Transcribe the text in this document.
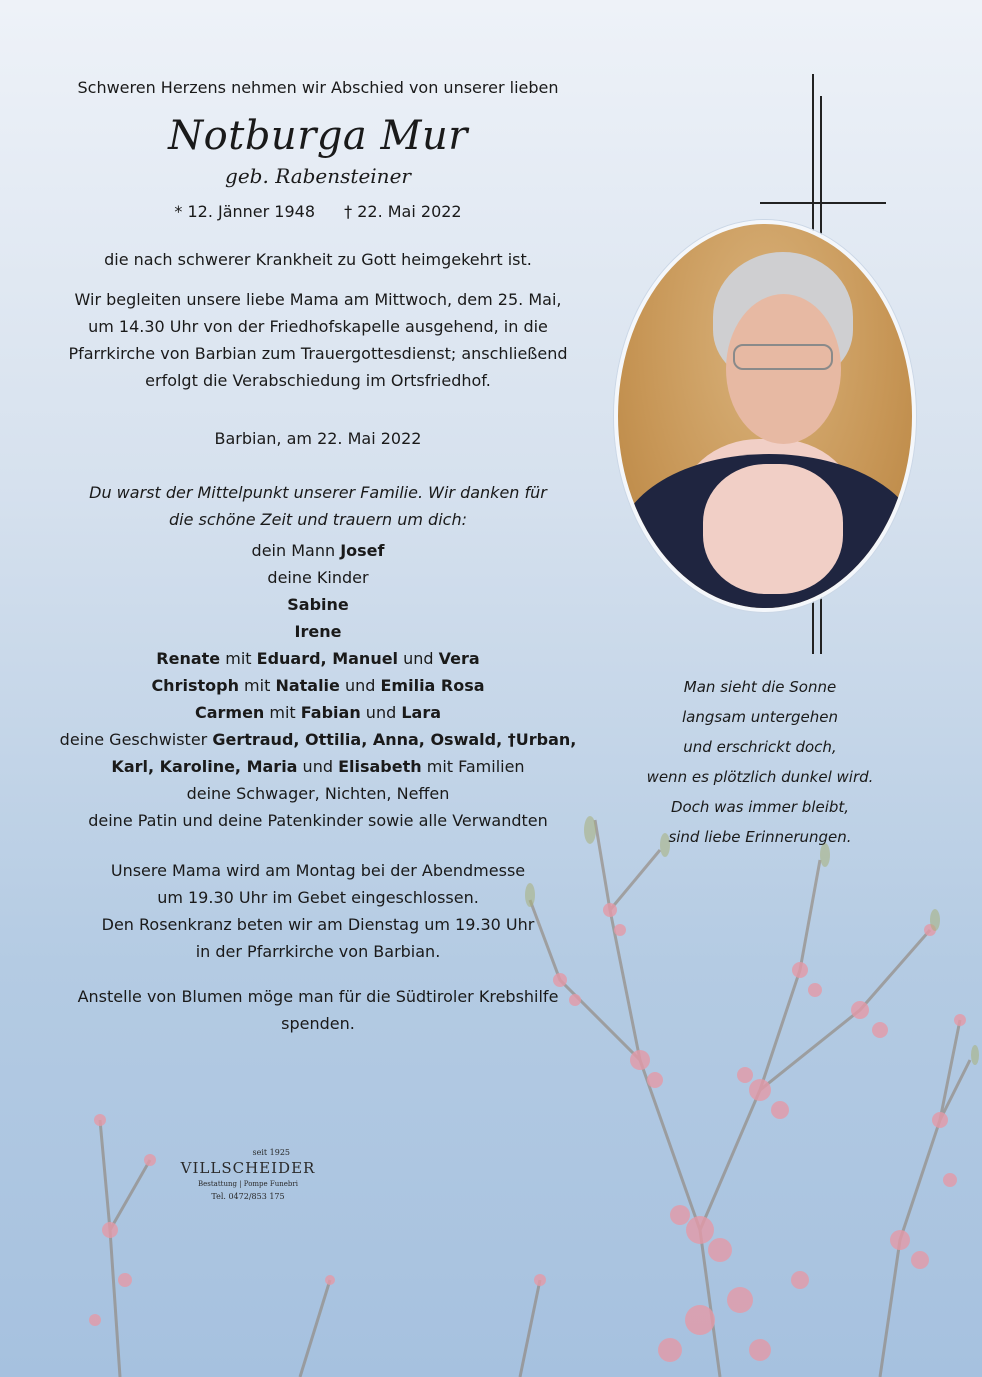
Schweren Herzens nehmen wir Abschied von unserer lieben
Notburga Mur
geb. Rabensteiner
* 12. Jänner 1948 † 22. Mai 2022
die nach schwerer Krankheit zu Gott heimgekehrt ist.
Wir begleiten unsere liebe Mama am Mittwoch, dem 25. Mai,
um 14.30 Uhr von der Friedhofskapelle ausgehend, in die
Pfarrkirche von Barbian zum Trauergottesdienst; anschließend
erfolgt die Verabschiedung im Ortsfriedhof.
Barbian, am 22. Mai 2022
Du warst der Mittelpunkt unserer Familie. Wir danken für
die schöne Zeit und trauern um dich:
dein Mann Josef
deine Kinder
Sabine
Irene
Renate mit Eduard, Manuel und Vera
Christoph mit Natalie und Emilia Rosa
Carmen mit Fabian und Lara
deine Geschwister Gertraud, Ottilia, Anna, Oswald, †Urban,
Karl, Karoline, Maria und Elisabeth mit Familien
deine Schwager, Nichten, Neffen
deine Patin und deine Patenkinder sowie alle Verwandten
Unsere Mama wird am Montag bei der Abendmesse
um 19.30 Uhr im Gebet eingeschlossen.
Den Rosenkranz beten wir am Dienstag um 19.30 Uhr
in der Pfarrkirche von Barbian.
Anstelle von Blumen möge man für die Südtiroler Krebshilfe spenden.
Man sieht die Sonne
langsam untergehen
und erschrickt doch,
wenn es plötzlich dunkel wird.
Doch was immer bleibt,
sind liebe Erinnerungen.
seit 1925
VILLSCHEIDER
Bestattung | Pompe Funebri
Tel. 0472/853 175
